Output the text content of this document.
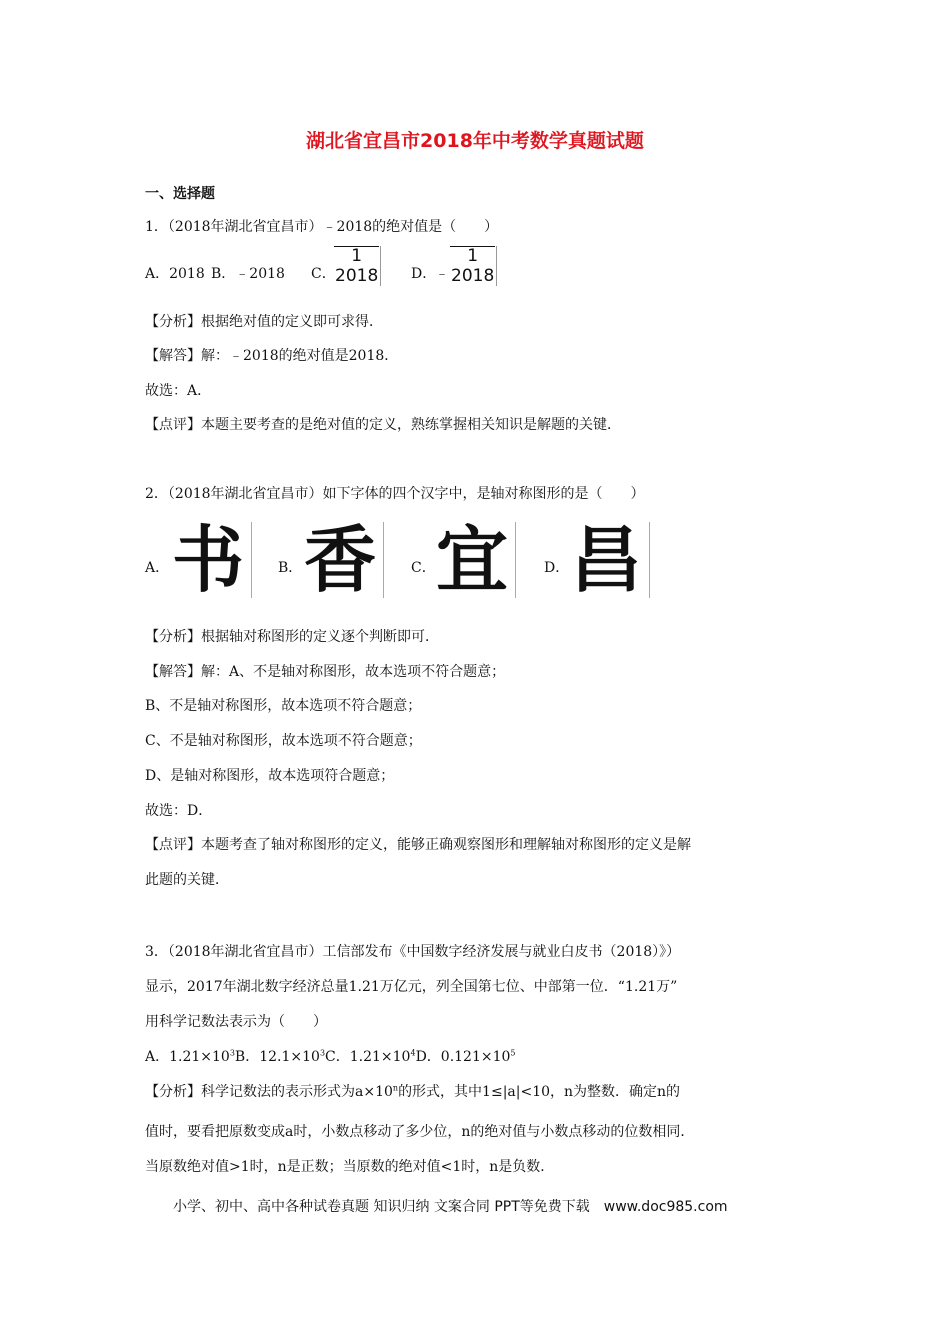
湖北省宜昌市2018年中考数学真题试题
一、选择题
1．（2018年湖北省宜昌市）﹣2018的绝对值是（　　）
A．2018 B．﹣2018 C．
1
2018 D．
﹣
1
2018
【分析】根据绝对值的定义即可求得．
【解答】解：﹣2018的绝对值是2018．
故选：A．
【点评】本题主要考查的是绝对值的定义，熟练掌握相关知识是解题的关键．
2．（2018年湖北省宜昌市）如下字体的四个汉字中，是轴对称图形的是（　　）
A． 书 B． 香	C． 宜	D． 昌
【分析】根据轴对称图形的定义逐个判断即可．
【解答】解：A、不是轴对称图形，故本选项不符合题意；
B、不是轴对称图形，故本选项不符合题意；
C、不是轴对称图形，故本选项不符合题意；
D、是轴对称图形，故本选项符合题意；
故选：D．
【点评】本题考查了轴对称图形的定义，能够正确观察图形和理解轴对称图形的定义是解
此题的关键．
3．（2018年湖北省宜昌市）工信部发布《中国数字经济发展与就业白皮书（2018）》）
显示，2017年湖北数字经济总量1.21万亿元，列全国第七位、中部第一位．“1.21万”
用科学记数法表示为（　　）
A．$1.21\times 10^3B$．$12.1\times 10^3C$．$1.21\times 10^4D$．$0.121\times 10^5$
【分析】科学记数法的表示形式为$a\times 10^n$的形式，其中1≤|a|<10，n为整数．确定n的
值时，要看把原数变成a时，小数点移动了多少位，n的绝对值与小数点移动的位数相同．
当原数绝对值>1时，n是正数；当原数的绝对值<1时，n是负数．
小学、初中、高中各种试卷真题 知识归纳 文案合同 PPT等免费下载　www.doc985.com
